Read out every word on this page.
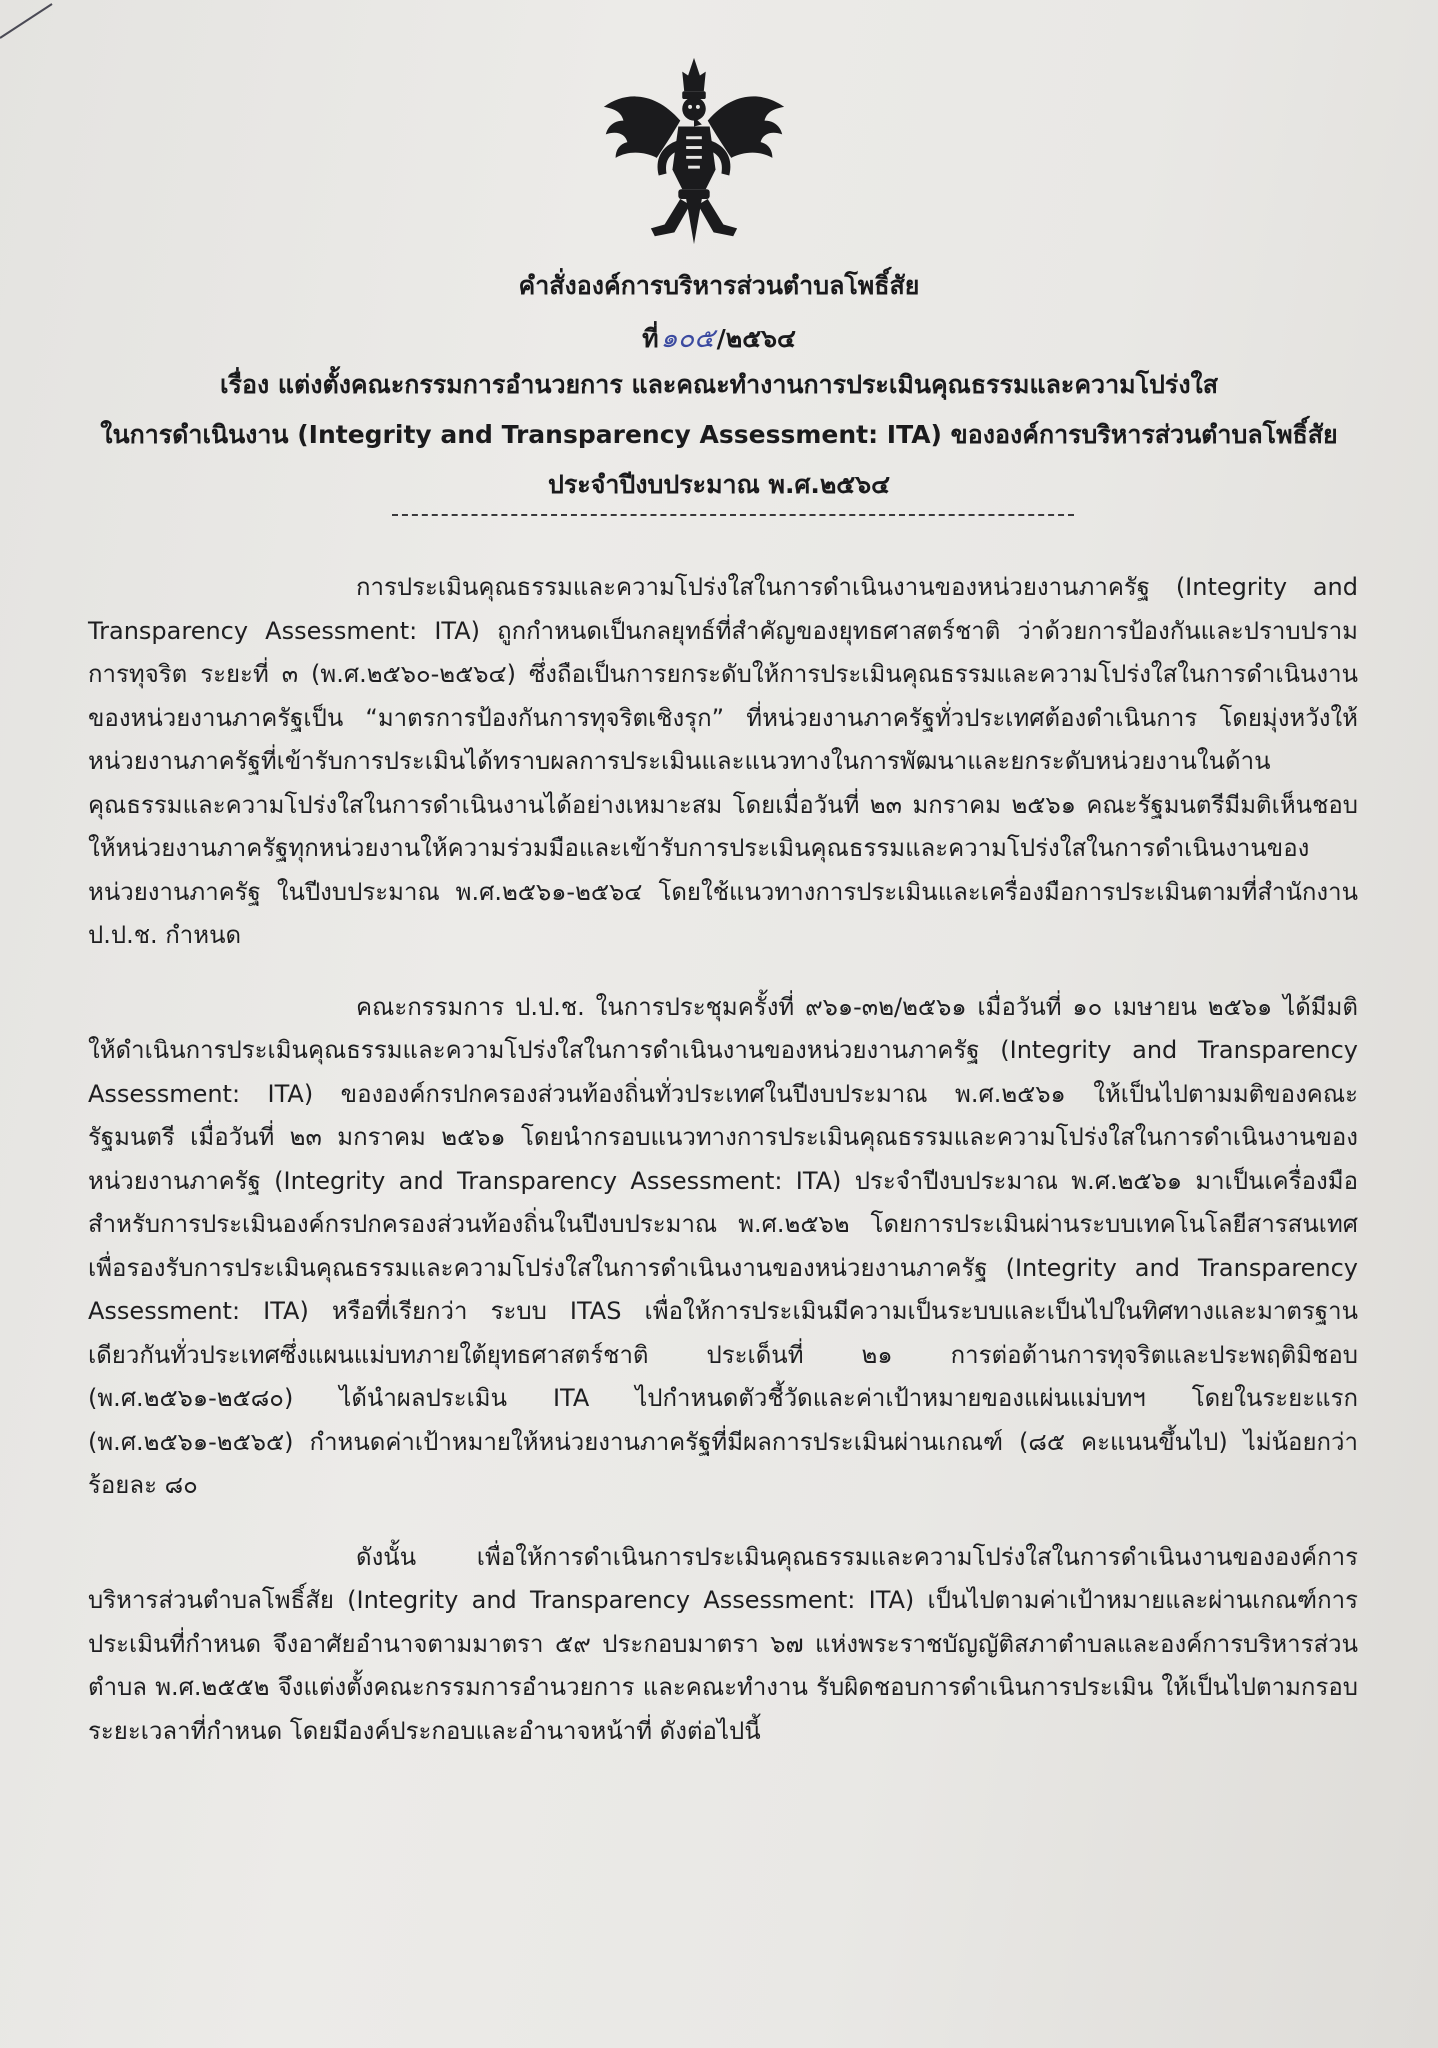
คำสั่งองค์การบริหารส่วนตำบลโพธิ์สัย
ที่๑๐๕/๒๕๖๔
เรื่อง แต่งตั้งคณะกรรมการอำนวยการ และคณะทำงานการประเมินคุณธรรมและความโปร่งใส
ในการดำเนินงาน (Integrity and Transparency Assessment: ITA) ขององค์การบริหารส่วนตำบลโพธิ์สัย
ประจำปีงบประมาณ พ.ศ.๒๕๖๔

การประเมินคุณธรรมและความโปร่งใสในการดำเนินงานของหน่วยงานภาครัฐ (Integrity and Transparency Assessment: ITA) ถูกกำหนดเป็นกลยุทธ์ที่สำคัญของยุทธศาสตร์ชาติ ว่าด้วยการป้องกันและปราบปรามการทุจริต ระยะที่ ๓ (พ.ศ.๒๕๖๐-๒๕๖๔) ซึ่งถือเป็นการยกระดับให้การประเมินคุณธรรมและความโปร่งใสในการดำเนินงานของหน่วยงานภาครัฐเป็น “มาตรการป้องกันการทุจริตเชิงรุก” ที่หน่วยงานภาครัฐทั่วประเทศต้องดำเนินการ โดยมุ่งหวังให้หน่วยงานภาครัฐที่เข้ารับการประเมินได้ทราบผลการประเมินและแนวทางในการพัฒนาและยกระดับหน่วยงานในด้านคุณธรรมและความโปร่งใสในการดำเนินงานได้อย่างเหมาะสม โดยเมื่อวันที่ ๒๓ มกราคม ๒๕๖๑ คณะรัฐมนตรีมีมติเห็นชอบให้หน่วยงานภาครัฐทุกหน่วยงานให้ความร่วมมือและเข้ารับการประเมินคุณธรรมและความโปร่งใสในการดำเนินงานของหน่วยงานภาครัฐ ในปีงบประมาณ พ.ศ.๒๕๖๑-๒๕๖๔ โดยใช้แนวทางการประเมินและเครื่องมือการประเมินตามที่สำนักงาน ป.ป.ช. กำหนด

คณะกรรมการ ป.ป.ช. ในการประชุมครั้งที่ ๙๖๑-๓๒/๒๕๖๑ เมื่อวันที่ ๑๐ เมษายน ๒๕๖๑ ได้มีมติให้ดำเนินการประเมินคุณธรรมและความโปร่งใสในการดำเนินงานของหน่วยงานภาครัฐ (Integrity and Transparency Assessment: ITA) ขององค์กรปกครองส่วนท้องถิ่นทั่วประเทศในปีงบประมาณ พ.ศ.๒๕๖๑ ให้เป็นไปตามมติของคณะรัฐมนตรี เมื่อวันที่ ๒๓ มกราคม ๒๕๖๑ โดยนำกรอบแนวทางการประเมินคุณธรรมและความโปร่งใสในการดำเนินงานของหน่วยงานภาครัฐ (Integrity and Transparency Assessment: ITA) ประจำปีงบประมาณ พ.ศ.๒๕๖๑ มาเป็นเครื่องมือสำหรับการประเมินองค์กรปกครองส่วนท้องถิ่นในปีงบประมาณ พ.ศ.๒๕๖๒ โดยการประเมินผ่านระบบเทคโนโลยีสารสนเทศเพื่อรองรับการประเมินคุณธรรมและความโปร่งใสในการดำเนินงานของหน่วยงานภาครัฐ (Integrity and Transparency Assessment: ITA) หรือที่เรียกว่า ระบบ ITAS เพื่อให้การประเมินมีความเป็นระบบและเป็นไปในทิศทางและมาตรฐานเดียวกันทั่วประเทศซึ่งแผนแม่บทภายใต้ยุทธศาสตร์ชาติ ประเด็นที่ ๒๑ การต่อต้านการทุจริตและประพฤติมิชอบ (พ.ศ.๒๕๖๑-๒๕๘๐) ได้นำผลประเมิน ITA ไปกำหนดตัวชี้วัดและค่าเป้าหมายของแผ่นแม่บทฯ โดยในระยะแรก (พ.ศ.๒๕๖๑-๒๕๖๕) กำหนดค่าเป้าหมายให้หน่วยงานภาครัฐที่มีผลการประเมินผ่านเกณฑ์ (๘๕ คะแนนขึ้นไป) ไม่น้อยกว่าร้อยละ ๘๐

ดังนั้น เพื่อให้การดำเนินการประเมินคุณธรรมและความโปร่งใสในการดำเนินงานขององค์การบริหารส่วนตำบลโพธิ์สัย (Integrity and Transparency Assessment: ITA) เป็นไปตามค่าเป้าหมายและผ่านเกณฑ์การประเมินที่กำหนด จึงอาศัยอำนาจตามมาตรา ๕๙ ประกอบมาตรา ๖๗ แห่งพระราชบัญญัติสภาตำบลและองค์การบริหารส่วนตำบล พ.ศ.๒๕๕๒ จึงแต่งตั้งคณะกรรมการอำนวยการ และคณะทำงาน รับผิดชอบการดำเนินการประเมิน ให้เป็นไปตามกรอบระยะเวลาที่กำหนด โดยมีองค์ประกอบและอำนาจหน้าที่ ดังต่อไปนี้
